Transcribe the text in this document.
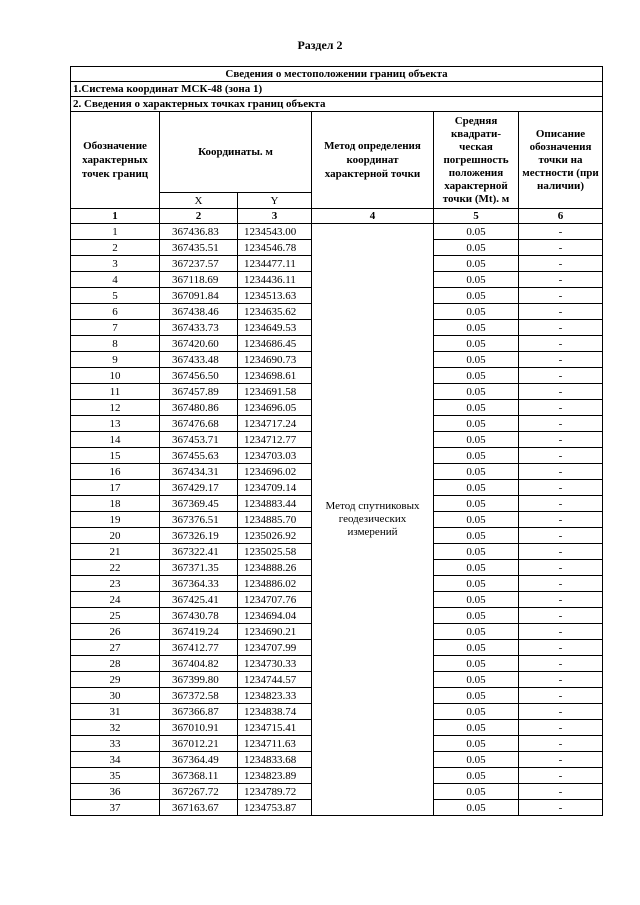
Раздел 2
Сведения о местоположении границ объекта					
1.Система координат МСК-48 (зона 1)					
2. Сведения о характерных точках границ объекта					
Обозначение характерных точек границ	Координаты. м		Метод определения координат характерной точки	Средняя квадрати-ческая погрешность положения характерной точки (Mt). м	Описание обозначения точки на местности (при наличии)
	X	Y			
1	2	3	4	5	6
1	367436.83	1234543.00	Метод спутниковых геодезических измерений	0.05	-
2	367435.51	1234546.78		0.05	-
3	367237.57	1234477.11		0.05	-
4	367118.69	1234436.11		0.05	-
5	367091.84	1234513.63		0.05	-
6	367438.46	1234635.62		0.05	-
7	367433.73	1234649.53		0.05	-
8	367420.60	1234686.45		0.05	-
9	367433.48	1234690.73		0.05	-
10	367456.50	1234698.61		0.05	-
11	367457.89	1234691.58		0.05	-
12	367480.86	1234696.05		0.05	-
13	367476.68	1234717.24		0.05	-
14	367453.71	1234712.77		0.05	-
15	367455.63	1234703.03		0.05	-
16	367434.31	1234696.02		0.05	-
17	367429.17	1234709.14		0.05	-
18	367369.45	1234883.44		0.05	-
19	367376.51	1234885.70		0.05	-
20	367326.19	1235026.92		0.05	-
21	367322.41	1235025.58		0.05	-
22	367371.35	1234888.26		0.05	-
23	367364.33	1234886.02		0.05	-
24	367425.41	1234707.76		0.05	-
25	367430.78	1234694.04		0.05	-
26	367419.24	1234690.21		0.05	-
27	367412.77	1234707.99		0.05	-
28	367404.82	1234730.33		0.05	-
29	367399.80	1234744.57		0.05	-
30	367372.58	1234823.33		0.05	-
31	367366.87	1234838.74		0.05	-
32	367010.91	1234715.41		0.05	-
33	367012.21	1234711.63		0.05	-
34	367364.49	1234833.68		0.05	-
35	367368.11	1234823.89		0.05	-
36	367267.72	1234789.72		0.05	-
37	367163.67	1234753.87		0.05	-
